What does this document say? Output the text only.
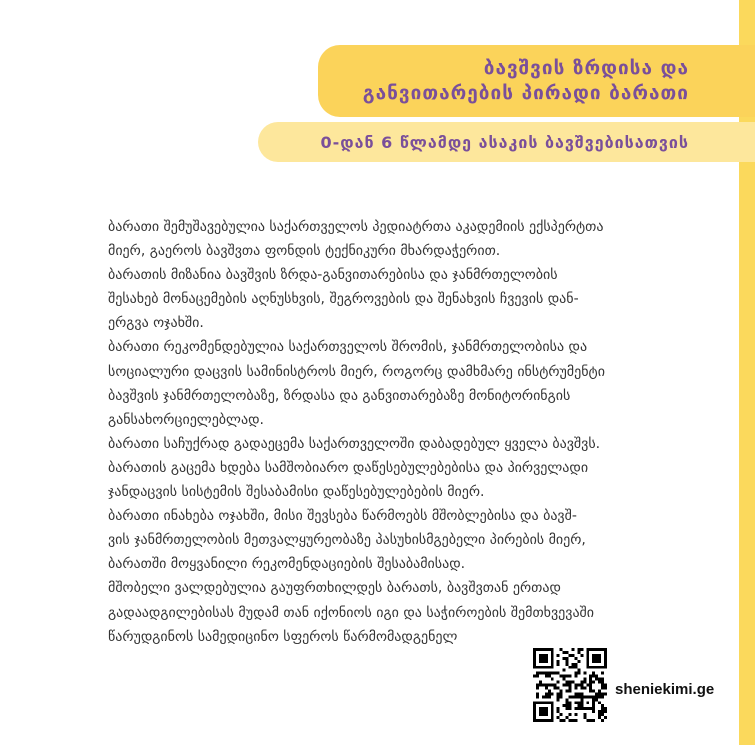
ბავშვის ზრდისა და
განვითარების პირადი ბარათი
0-დან 6 წლამდე ასაკის ბავშვებისათვის
ბარათი შემუშავებულია საქართველოს პედიატრთა აკადემიის ექსპერტთა
მიერ, გაეროს ბავშვთა ფონდის ტექნიკური მხარდაჭერით.
ბარათის მიზანია ბავშვის ზრდა-განვითარებისა და ჯანმრთელობის
შესახებ მონაცემების აღნუსხვის, შეგროვების და შენახვის ჩვევის დან-
ერგვა ოჯახში.
ბარათი რეკომენდებულია საქართველოს შრომის, ჯანმრთელობისა და
სოციალური დაცვის სამინისტროს მიერ, როგორც დამხმარე ინსტრუმენტი
ბავშვის ჯანმრთელობაზე, ზრდასა და განვითარებაზე მონიტორინგის
განსახორციელებლად.
ბარათი საჩუქრად გადაეცემა საქართველოში დაბადებულ ყველა ბავშვს.
ბარათის გაცემა ხდება სამშობიარო დაწესებულებებისა და პირველადი
ჯანდაცვის სისტემის შესაბამისი დაწესებულებების მიერ.
ბარათი ინახება ოჯახში, მისი შევსება წარმოებს მშობლებისა და ბავშ-
ვის ჯანმრთელობის მეთვალყურეობაზე პასუხისმგებელი პირების მიერ,
ბარათში მოყვანილი რეკომენდაციების შესაბამისად.
მშობელი ვალდებულია გაუფრთხილდეს ბარათს, ბავშვთან ერთად
გადაადგილებისას მუდამ თან იქონიოს იგი და საჭიროების შემთხვევაში
წარუდგინოს სამედიცინო სფეროს წარმომადგენელ
sheniekimi.ge
